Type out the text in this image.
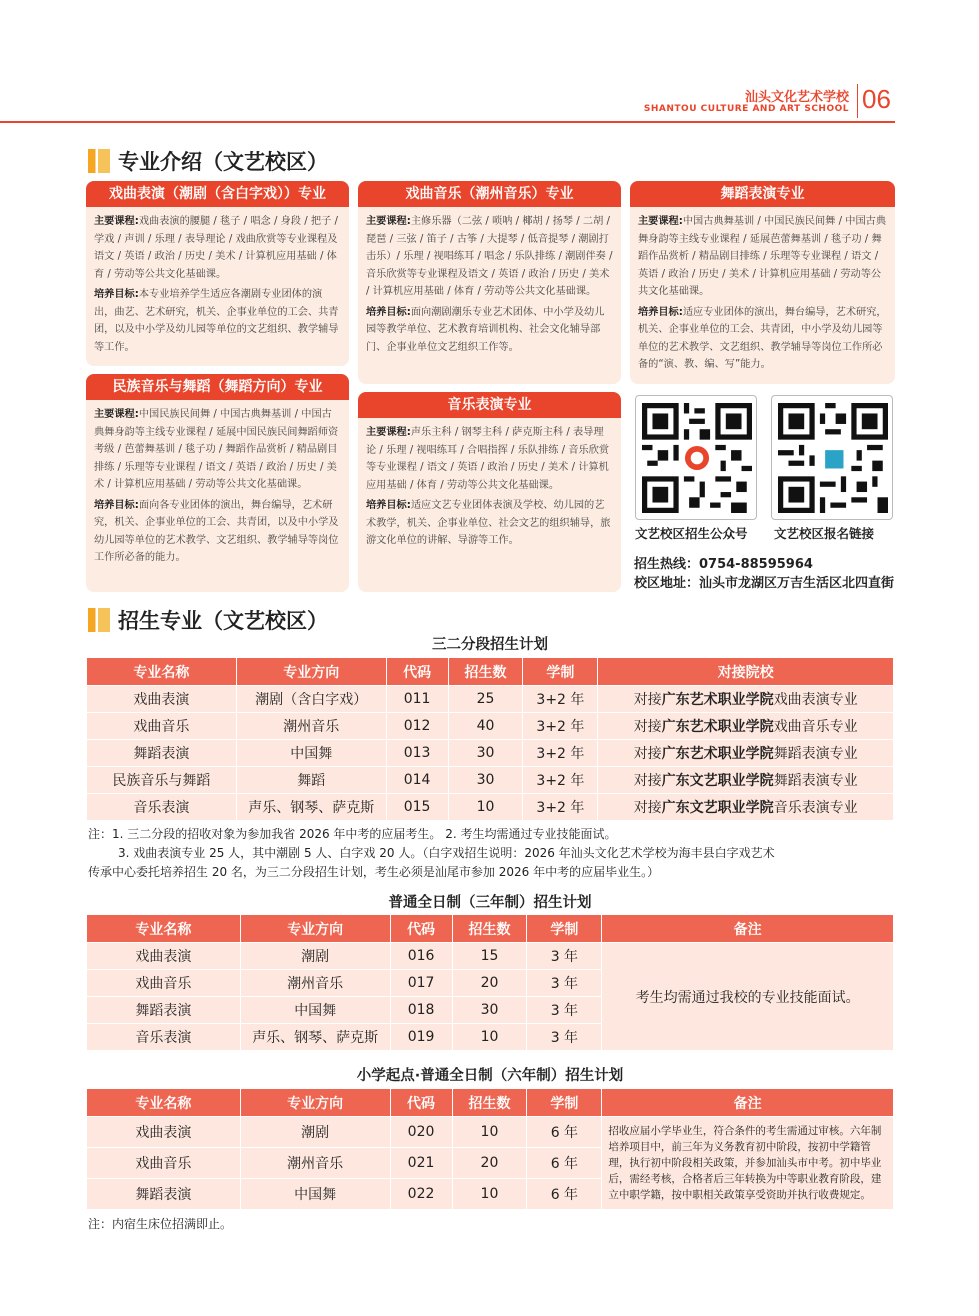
汕头文化艺术学校
SHANTOU CULTURE AND ART SCHOOL 06
专业介绍（文艺校区）
戏曲表演（潮剧（含白字戏））专业

主要课程:戏曲表演的腰腿 / 毯子 / 唱念 / 身段 / 把子 / 学戏 / 声训 / 乐理 / 表导理论 / 戏曲欣赏等专业课程及语文 / 英语 / 政治 / 历史 / 美术 / 计算机应用基础 / 体育 / 劳动等公共文化基础课。

培养目标:本专业培养学生适应各潮剧专业团体的演出，曲艺、艺术研究，机关、企事业单位的工会、共青团，以及中小学及幼儿园等单位的文艺组织、教学辅导等工作。

戏曲音乐（潮州音乐）专业

主要课程:主修乐器（二弦 / 唢呐 / 椰胡 / 扬琴 / 二胡 / 琵琶 / 三弦 / 笛子 / 古筝 / 大提琴 / 低音提琴 / 潮剧打击乐）/ 乐理 / 视唱练耳 / 唱念 / 乐队排练 / 潮剧伴奏 / 音乐欣赏等专业课程及语文 / 英语 / 政治 / 历史 / 美术 / 计算机应用基础 / 体育 / 劳动等公共文化基础课。

培养目标:面向潮剧潮乐专业艺术团体、中小学及幼儿园等教学单位、艺术教育培训机构、社会文化辅导部门、企事业单位文艺组织工作等。

舞蹈表演专业

主要课程:中国古典舞基训 / 中国民族民间舞 / 中国古典舞身韵等主线专业课程 / 延展芭蕾舞基训 / 毯子功 / 舞蹈作品赏析 / 精品剧目排练 / 乐理等专业课程 / 语文 / 英语 / 政治 / 历史 / 美术 / 计算机应用基础 / 劳动等公共文化基础课。

培养目标:适应专业团体的演出，舞台编导，艺术研究，机关、企事业单位的工会、共青团，中小学及幼儿园等单位的艺术教学、文艺组织、教学辅导等岗位工作所必备的“演、教、编、写”能力。

民族音乐与舞蹈（舞蹈方向）专业

主要课程:中国民族民间舞 / 中国古典舞基训 / 中国古典舞身韵等主线专业课程 / 延展中国民族民间舞蹈师资考级 / 芭蕾舞基训 / 毯子功 / 舞蹈作品赏析 / 精品剧目排练 / 乐理等专业课程 / 语文 / 英语 / 政治 / 历史 / 美术 / 计算机应用基础 / 劳动等公共文化基础课。

培养目标:面向各专业团体的演出，舞台编导，艺术研究，机关、企事业单位的工会、共青团，以及中小学及幼儿园等单位的艺术教学、文艺组织、教学辅导等岗位工作所必备的能力。

音乐表演专业

主要课程:声乐主科 / 钢琴主科 / 萨克斯主科 / 表导理论 / 乐理 / 视唱练耳 / 合唱指挥 / 乐队排练 / 音乐欣赏等专业课程 / 语文 / 英语 / 政治 / 历史 / 美术 / 计算机应用基础 / 体育 / 劳动等公共文化基础课。

培养目标:适应文艺专业团体表演及学校、幼儿园的艺术教学，机关、企事业单位、社会文艺的组织辅导，旅游文化单位的讲解、导游等工作。	文艺校区招生公众号 文艺校区报名链接
招生热线：0754-88595964
校区地址：汕头市龙湖区万吉生活区北四直街
招生专业（文艺校区）
三二分段招生计划
专业名称	专业方向	代码	招生数	学制	对接院校
戏曲表演	潮剧（含白字戏）	011	25	3+2 年	对接广东艺术职业学院戏曲表演专业
戏曲音乐	潮州音乐	012	40	3+2 年	对接广东艺术职业学院戏曲音乐专业
舞蹈表演	中国舞	013	30	3+2 年	对接广东艺术职业学院舞蹈表演专业
民族音乐与舞蹈	舞蹈	014	30	3+2 年	对接广东文艺职业学院舞蹈表演专业
音乐表演	声乐、钢琴、萨克斯	015	10	3+2 年	对接广东文艺职业学院音乐表演专业
注：1. 三二分段的招收对象为参加我省 2026 年中考的应届考生。 2. 考生均需通过专业技能面试。
3. 戏曲表演专业 25 人，其中潮剧 5 人、白字戏 20 人。（白字戏招生说明：2026 年汕头文化艺术学校为海丰县白字戏艺术
传承中心委托培养招生 20 名，为三二分段招生计划，考生必须是汕尾市参加 2026 年中考的应届毕业生。）
普通全日制（三年制）招生计划
专业名称	专业方向	代码	招生数	学制	备注
戏曲表演	潮剧	016	15	3 年	考生均需通过我校的专业技能面试。
戏曲音乐	潮州音乐	017	20	3 年	
舞蹈表演	中国舞	018	30	3 年	
音乐表演	声乐、钢琴、萨克斯	019	10	3 年	
小学起点·普通全日制（六年制）招生计划
专业名称	专业方向	代码	招生数	学制	备注
戏曲表演	潮剧	020	10	6 年	招收应届小学毕业生，符合条件的考生需通过审核。六年制培养项目中，前三年为义务教育初中阶段，按初中学籍管理，执行初中阶段相关政策，并参加汕头市中考。初中毕业后，需经考核，合格者后三年转换为中等职业教育阶段，建立中职学籍，按中职相关政策享受资助并执行收费规定。
戏曲音乐	潮州音乐	021	20	6 年	
舞蹈表演	中国舞	022	10	6 年	
注：内宿生床位招满即止。
